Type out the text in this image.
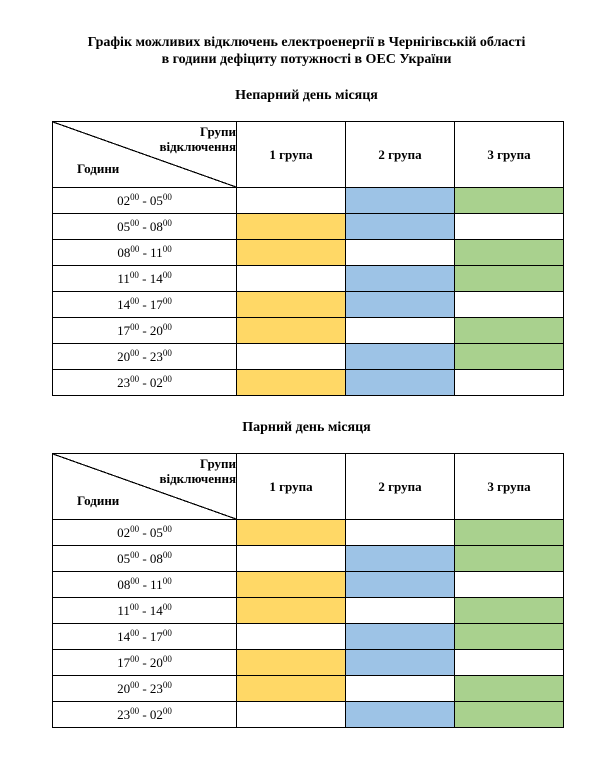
Графік можливих відключень електроенергії в Чернігівській області
в години дефіциту потужності в ОЕС України
Непарний день місяця
Групи
відключення
Години	1 група	2 група	3 група
$02^{00} - 05^{00}$			
$05^{00} - 08^{00}$			
$08^{00} - 11^{00}$			
$11^{00} - 14^{00}$			
$14^{00} - 17^{00}$			
$17^{00} - 20^{00}$			
$20^{00} - 23^{00}$			
$23^{00} - 02^{00}$			
Парний день місяця
Групи
відключення
Години	1 група	2 група	3 група
$02^{00} - 05^{00}$			
$05^{00} - 08^{00}$			
$08^{00} - 11^{00}$			
$11^{00} - 14^{00}$			
$14^{00} - 17^{00}$			
$17^{00} - 20^{00}$			
$20^{00} - 23^{00}$			
$23^{00} - 02^{00}$			
